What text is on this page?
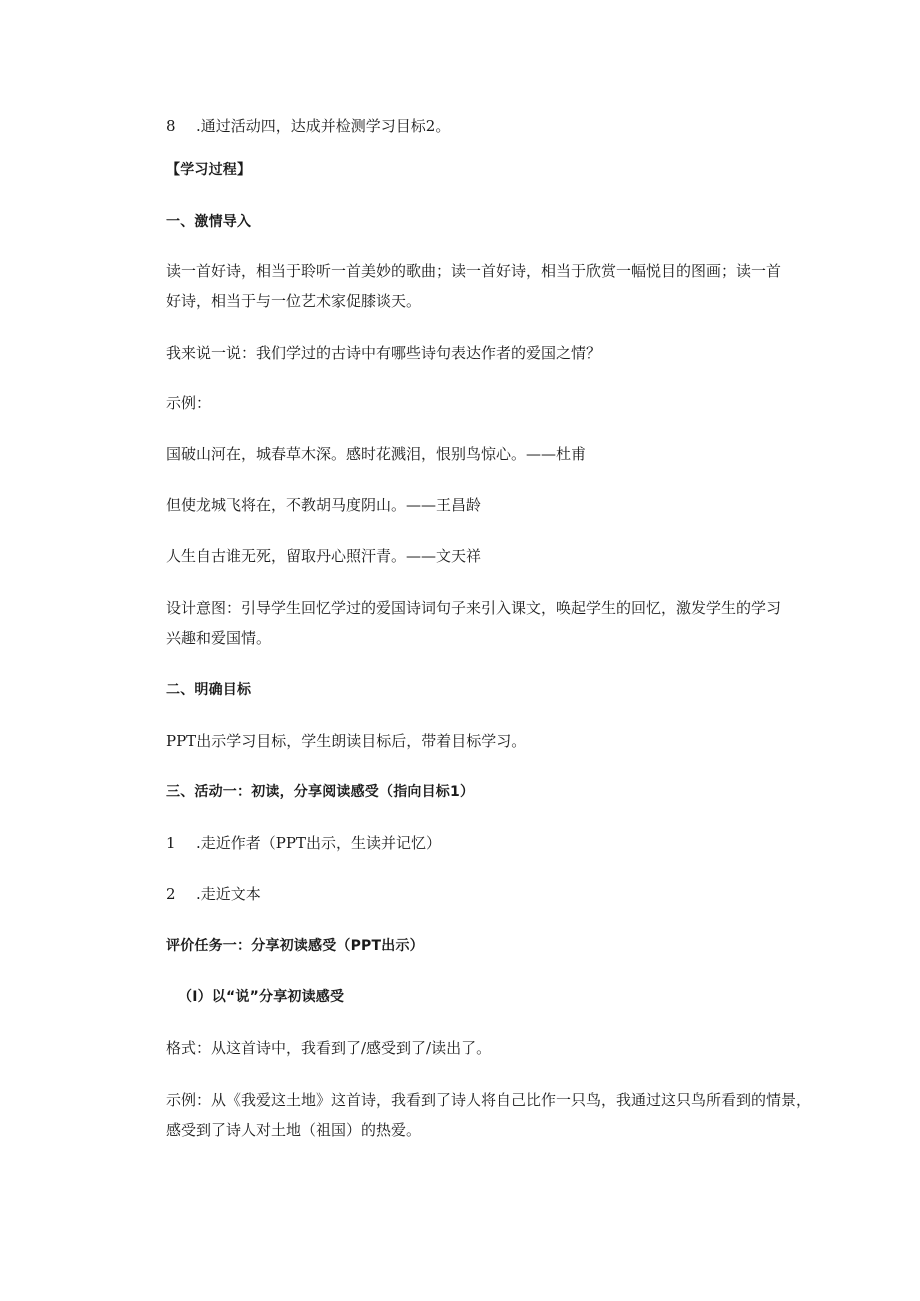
8 .通过活动四，达成并检测学习目标2。
【学习过程】
一、激情导入
读一首好诗，相当于聆听一首美妙的歌曲；读一首好诗，相当于欣赏一幅悦目的图画；读一首
好诗，相当于与一位艺术家促膝谈天。
我来说一说：我们学过的古诗中有哪些诗句表达作者的爱国之情？
示例：
国破山河在，城春草木深。感时花溅泪，恨别鸟惊心。——杜甫
但使龙城飞将在，不教胡马度阴山。——王昌龄
人生自古谁无死，留取丹心照汗青。——文天祥
设计意图：引导学生回忆学过的爱国诗词句子来引入课文，唤起学生的回忆，激发学生的学习
兴趣和爱国情。
二、明确目标
PPT出示学习目标，学生朗读目标后，带着目标学习。
三、活动一：初读，分享阅读感受（指向目标1）
1 .走近作者（PPT出示，生读并记忆）
2 .走近文本
评价任务一：分享初读感受（PPT出示）
（I）以“说”分享初读感受
格式：从这首诗中，我看到了/感受到了/读出了。
示例：从《我爱这土地》这首诗，我看到了诗人将自己比作一只鸟，我通过这只鸟所看到的情景，
感受到了诗人对土地（祖国）的热爱。
